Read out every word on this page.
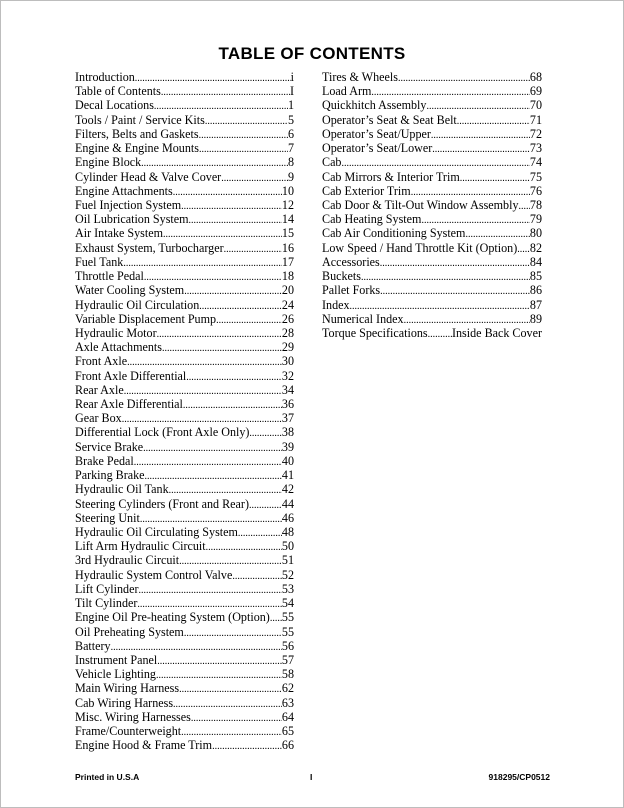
TABLE OF CONTENTS
Introduction .....	i
Table of Contents .....	I
Decal Locations .....	1
Tools / Paint / Service Kits .....	5
Filters, Belts and Gaskets .....	6
Engine & Engine Mounts .....	7
Engine Block .....	8
Cylinder Head & Valve Cover .....	9
Engine Attachments .....	10
Fuel Injection System .....	12
Oil Lubrication System .....	14
Air Intake System .....	15
Exhaust System, Turbocharger .....	16
Fuel Tank .....	17
Throttle Pedal .....	18
Water Cooling System .....	20
Hydraulic Oil Circulation .....	24
Variable Displacement Pump .....	26
Hydraulic Motor .....	28
Axle Attachments .....	29
Front Axle .....	30
Front Axle Differential .....	32
Rear Axle .....	34
Rear Axle Differential .....	36
Gear Box .....	37
Differential Lock (Front Axle Only) .....	38
Service Brake .....	39
Brake Pedal .....	40
Parking Brake .....	41
Hydraulic Oil Tank .....	42
Steering Cylinders (Front and Rear) .....	44
Steering Unit .....	46
Hydraulic Oil Circulating System .....	48
Lift Arm Hydraulic Circuit .....	50
3rd Hydraulic Circuit .....	51
Hydraulic System Control Valve .....	52
Lift Cylinder .....	53
Tilt Cylinder .....	54
Engine Oil Pre-heating System (Option) ..... 55
Oil Preheating System .....	55
Battery .....	56
Instrument Panel .....	57
Vehicle Lighting .....	58
Main Wiring Harness .....	62
Cab Wiring Harness .....	63
Misc. Wiring Harnesses .....	64
Frame/Counterweight .....	65
Engine Hood & Frame Trim .....	66
Tires & Wheels .....	68
Load Arm .....	69
Quickhitch Assembly .....	70
Operator’s Seat & Seat Belt .....	71
Operator’s Seat/Upper .....	72
Operator’s Seat/Lower .....	73
Cab .....	74
Cab Mirrors & Interior Trim .....	75
Cab Exterior Trim .....	76
Cab Door & Tilt-Out Window Assembly ..... 78
Cab Heating System .....	79
Cab Air Conditioning System .....	80
Low Speed / Hand Throttle Kit (Option) ..... 82
Accessories .....	84
Buckets .....	85
Pallet Forks .....	86
Index .....	87
Numerical Index .....	89
Torque Specifications ..... Inside Back Cover
Printed in U.S.A	I	918295/CP0512
